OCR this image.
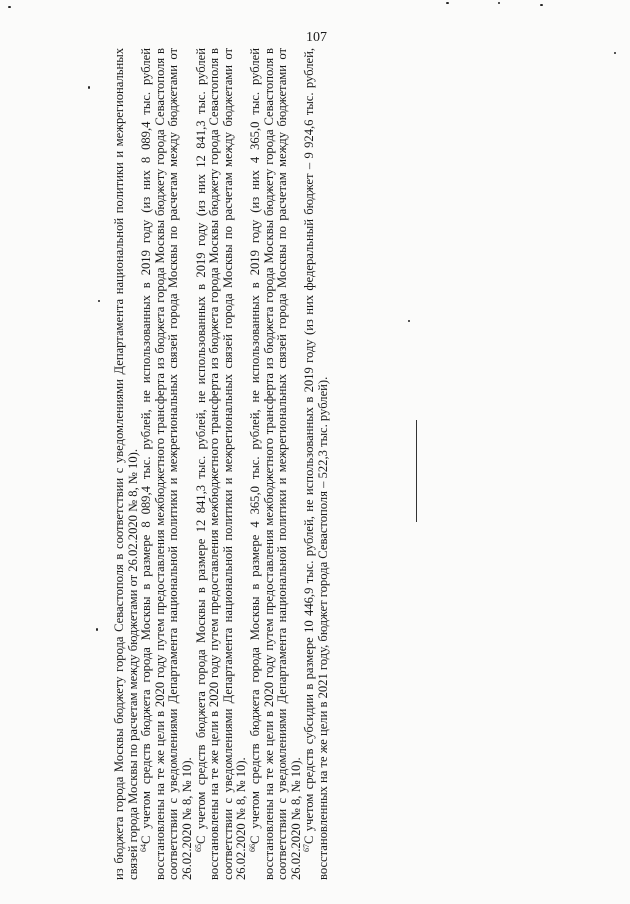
107

из бюджета города Москвы бюджету города Севастополя в соответствии с уведомлениями Департамента национальной политики и межрегиональных связей города Москвы по расчетам между бюджетами от 26.02.2020 № 8, № 10). $^{64}$С учетом средств бюджета города Москвы в размере 8 089,4 тыс. рублей, не использованных в 2019 году (из них 8 089,4 тыс. рублей восстановлены на те же цели в 2020 году путем предоставления межбюджетного трансферта из бюджета города Москвы бюджету города Севастополя в соответствии с уведомлениями Департамента национальной политики и межрегиональных связей города Москвы по расчетам между бюджетами от 26.02.2020 № 8, № 10). $^{65}$С учетом средств бюджета города Москвы в размере 12 841,3 тыс. рублей, не использованных в 2019 году (из них 12 841,3 тыс. рублей восстановлены на те же цели в 2020 году путем предоставления межбюджетного трансферта из бюджета города Москвы бюджету города Севастополя в соответствии с уведомлениями Департамента национальной политики и межрегиональных связей города Москвы по расчетам между бюджетами от 26.02.2020 № 8, № 10). $^{66}$С учетом средств бюджета города Москвы в размере 4 365,0 тыс. рублей, не использованных в 2019 году (из них 4 365,0 тыс. рублей восстановлены на те же цели в 2020 году путем предоставления межбюджетного трансферта из бюджета города Москвы бюджету города Севастополя в соответствии с уведомлениями Департамента национальной политики и межрегиональных связей города Москвы по расчетам между бюджетами от 26.02.2020 № 8, № 10). $^{67}$С учетом средств субсидии в размере 10 446,9 тыс. рублей, не использованных в 2019 году (из них федеральный бюджет – 9 924,6 тыс. рублей, восстановленных на те же цели в 2021 году, бюджет города Севастополя – 522,3 тыс. рублей).
